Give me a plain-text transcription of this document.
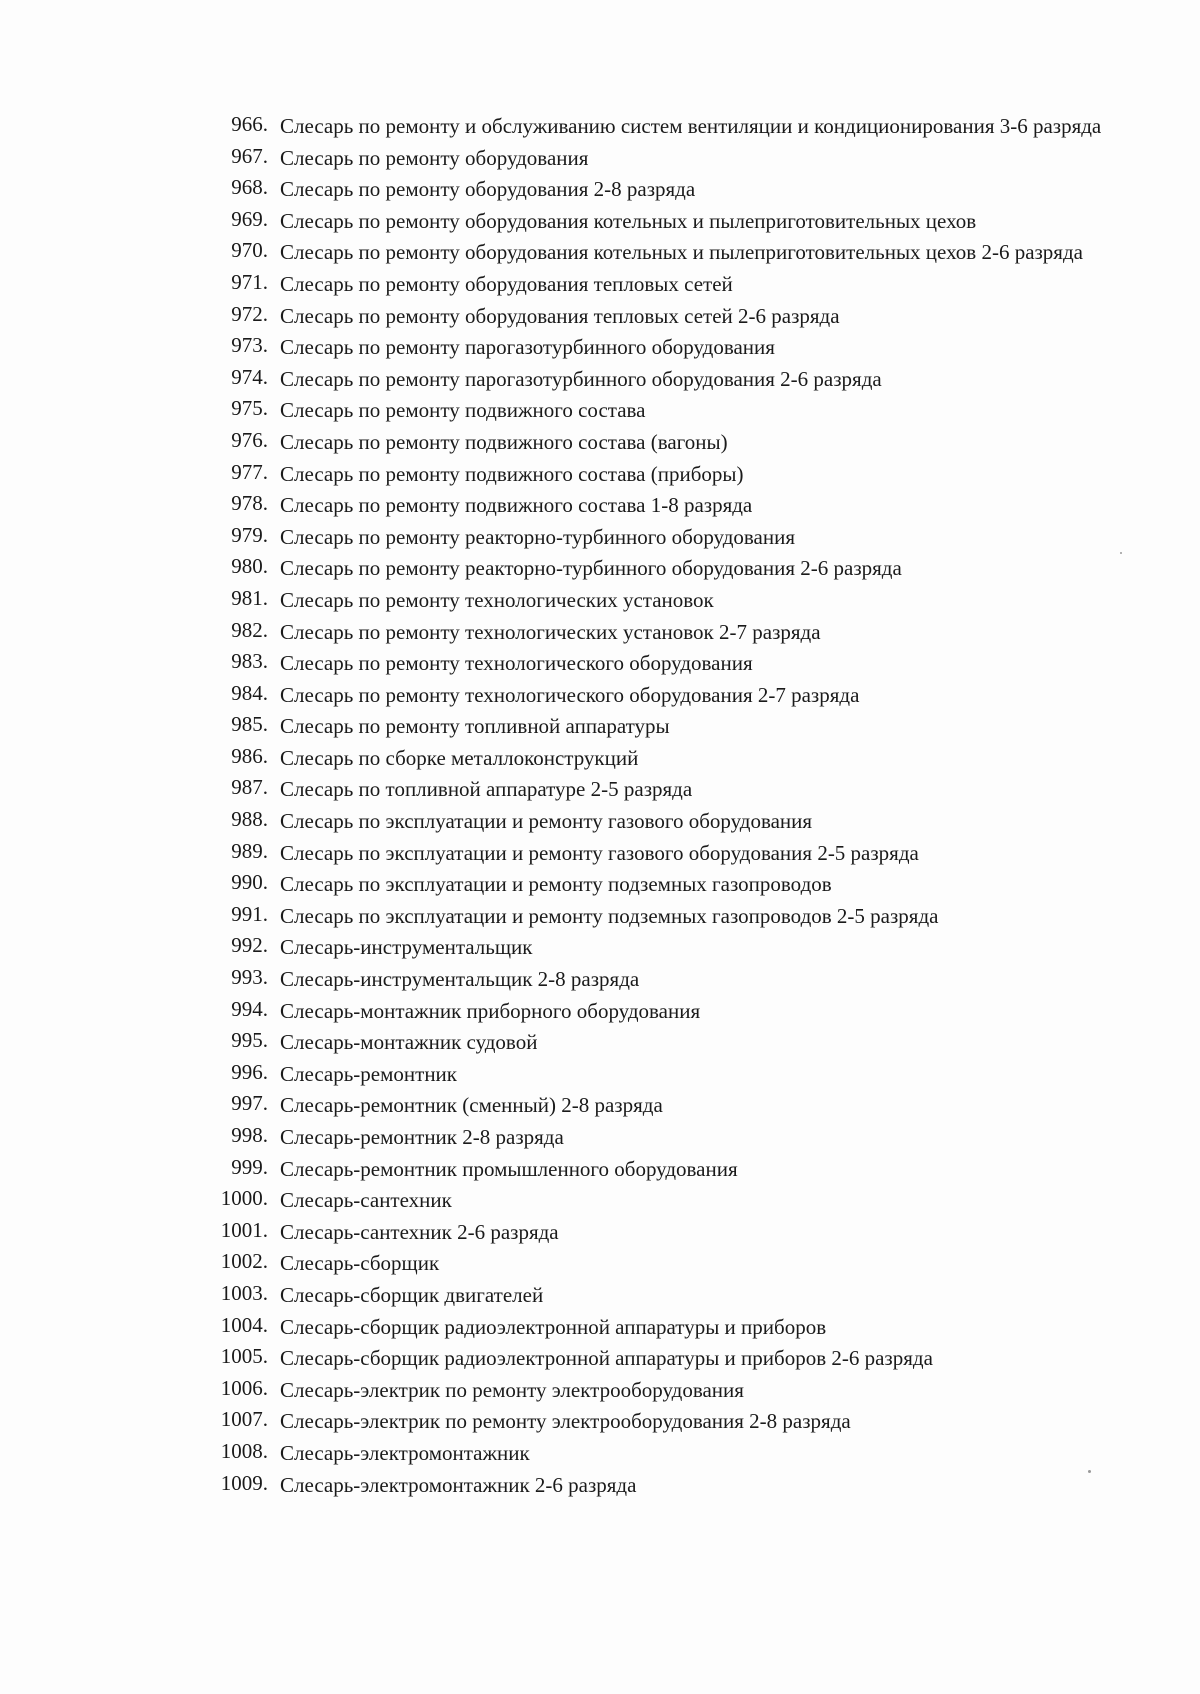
966. Слесарь по ремонту и обслуживанию систем вентиляции и кондиционирования 3-6 разряда
967. Слесарь по ремонту оборудования
968. Слесарь по ремонту оборудования 2-8 разряда
969. Слесарь по ремонту оборудования котельных и пылеприготовительных цехов
970. Слесарь по ремонту оборудования котельных и пылеприготовительных цехов 2-6 разряда
971. Слесарь по ремонту оборудования тепловых сетей
972. Слесарь по ремонту оборудования тепловых сетей 2-6 разряда
973. Слесарь по ремонту парогазотурбинного оборудования
974. Слесарь по ремонту парогазотурбинного оборудования 2-6 разряда
975. Слесарь по ремонту подвижного состава
976. Слесарь по ремонту подвижного состава (вагоны)
977. Слесарь по ремонту подвижного состава (приборы)
978. Слесарь по ремонту подвижного состава 1-8 разряда
979. Слесарь по ремонту реакторно-турбинного оборудования
980. Слесарь по ремонту реакторно-турбинного оборудования 2-6 разряда
981. Слесарь по ремонту технологических установок
982. Слесарь по ремонту технологических установок 2-7 разряда
983. Слесарь по ремонту технологического оборудования
984. Слесарь по ремонту технологического оборудования 2-7 разряда
985. Слесарь по ремонту топливной аппаратуры
986. Слесарь по сборке металлоконструкций
987. Слесарь по топливной аппаратуре 2-5 разряда
988. Слесарь по эксплуатации и ремонту газового оборудования
989. Слесарь по эксплуатации и ремонту газового оборудования 2-5 разряда
990. Слесарь по эксплуатации и ремонту подземных газопроводов
991. Слесарь по эксплуатации и ремонту подземных газопроводов 2-5 разряда
992. Слесарь-инструментальщик
993. Слесарь-инструментальщик 2-8 разряда
994. Слесарь-монтажник приборного оборудования
995. Слесарь-монтажник судовой
996. Слесарь-ремонтник
997. Слесарь-ремонтник (сменный) 2-8 разряда
998. Слесарь-ремонтник 2-8 разряда
999. Слесарь-ремонтник промышленного оборудования
1000. Слесарь-сантехник
1001. Слесарь-сантехник 2-6 разряда
1002. Слесарь-сборщик
1003. Слесарь-сборщик двигателей
1004. Слесарь-сборщик радиоэлектронной аппаратуры и приборов
1005. Слесарь-сборщик радиоэлектронной аппаратуры и приборов 2-6 разряда
1006. Слесарь-электрик по ремонту электрооборудования
1007. Слесарь-электрик по ремонту электрооборудования 2-8 разряда
1008. Слесарь-электромонтажник
1009. Слесарь-электромонтажник 2-6 разряда
